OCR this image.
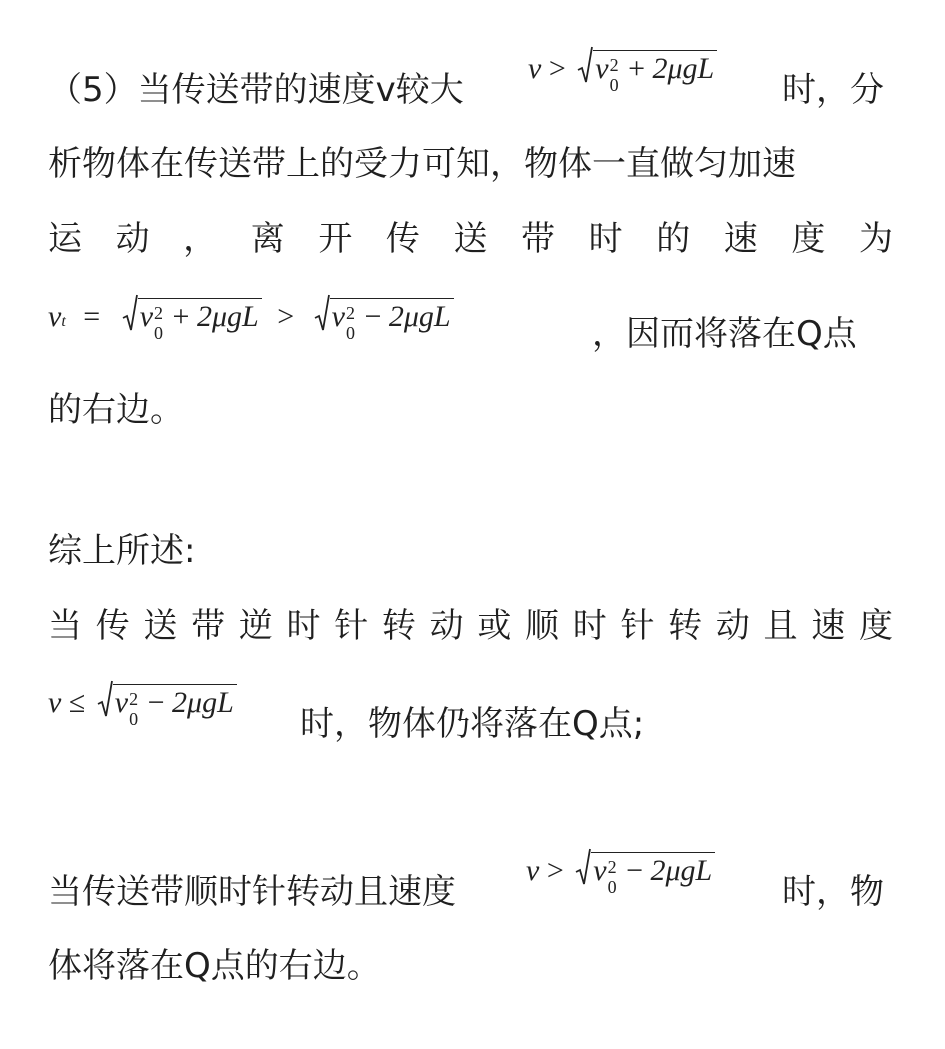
（5）当传送带的速度v较大
v > v 2
0 + 2μgL
时，分
析物体在传送带上的受力可知，物体一直做匀加速
运 动 ， 离 开 传 送 带 时 的 速 度 为
vt = v 2
0 + 2μgL > v 2
0 − 2μgL	，因而将落在Q点
的右边。
综上所述:
当 传 送 带 逆 时 针 转 动 或 顺 时 针 转 动 且 速 度
v ≤ v 2
0 − 2μgL
时，物体仍将落在Q点;
当传送带顺时针转动且速度
v > v 2
0 − 2μgL
时，物
体将落在Q点的右边。
